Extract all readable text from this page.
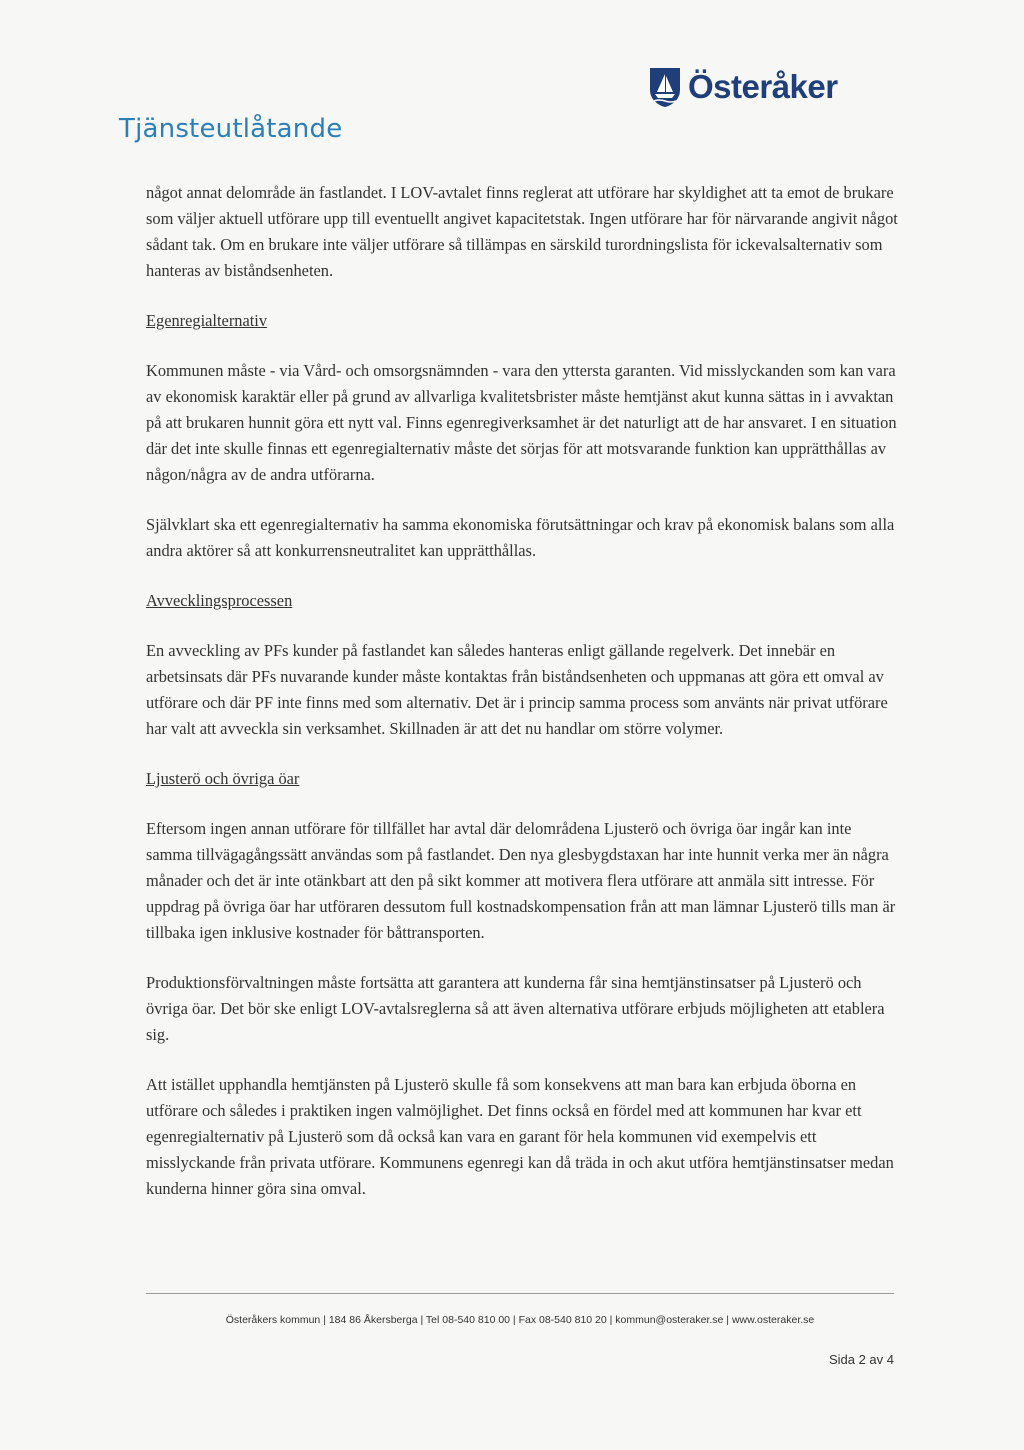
Tjänsteutlåtande
Österåker

något annat delområde än fastlandet. I LOV-avtalet finns reglerat att utförare har skyldighet att ta emot de brukare som väljer aktuell utförare upp till eventuellt angivet kapacitetstak. Ingen utförare har för närvarande angivit något sådant tak. Om en brukare inte väljer utförare så tillämpas en särskild turordningslista för ickevalsalternativ som hanteras av biståndsenheten.

Egenregialternativ

Kommunen måste - via Vård- och omsorgsnämnden - vara den yttersta garanten. Vid misslyckanden som kan vara av ekonomisk karaktär eller på grund av allvarliga kvalitetsbrister måste hemtjänst akut kunna sättas in i avvaktan på att brukaren hunnit göra ett nytt val. Finns egenregiverksamhet är det naturligt att de har ansvaret. I en situation där det inte skulle finnas ett egenregialternativ måste det sörjas för att motsvarande funktion kan upprätthållas av någon/några av de andra utförarna.

Självklart ska ett egenregialternativ ha samma ekonomiska förutsättningar och krav på ekonomisk balans som alla andra aktörer så att konkurrensneutralitet kan upprätthållas.

Avvecklingsprocessen

En avveckling av PFs kunder på fastlandet kan således hanteras enligt gällande regelverk. Det innebär en arbetsinsats där PFs nuvarande kunder måste kontaktas från biståndsenheten och uppmanas att göra ett omval av utförare och där PF inte finns med som alternativ. Det är i princip samma process som använts när privat utförare har valt att avveckla sin verksamhet. Skillnaden är att det nu handlar om större volymer.

Ljusterö och övriga öar

Eftersom ingen annan utförare för tillfället har avtal där delområdena Ljusterö och övriga öar ingår kan inte samma tillvägagångssätt användas som på fastlandet. Den nya glesbygdstaxan har inte hunnit verka mer än några månader och det är inte otänkbart att den på sikt kommer att motivera flera utförare att anmäla sitt intresse. För uppdrag på övriga öar har utföraren dessutom full kostnadskompensation från att man lämnar Ljusterö tills man är tillbaka igen inklusive kostnader för båttransporten.

Produktionsförvaltningen måste fortsätta att garantera att kunderna får sina hemtjänstinsatser på Ljusterö och övriga öar. Det bör ske enligt LOV-avtalsreglerna så att även alternativa utförare erbjuds möjligheten att etablera sig.

Att istället upphandla hemtjänsten på Ljusterö skulle få som konsekvens att man bara kan erbjuda öborna en utförare och således i praktiken ingen valmöjlighet. Det finns också en fördel med att kommunen har kvar ett egenregialternativ på Ljusterö som då också kan vara en garant för hela kommunen vid exempelvis ett misslyckande från privata utförare. Kommunens egenregi kan då träda in och akut utföra hemtjänstinsatser medan kunderna hinner göra sina omval.

Österåkers kommun | 184 86 Åkersberga | Tel 08-540 810 00 | Fax 08-540 810 20 | kommun@osteraker.se | www.osteraker.se
Sida 2 av 4
